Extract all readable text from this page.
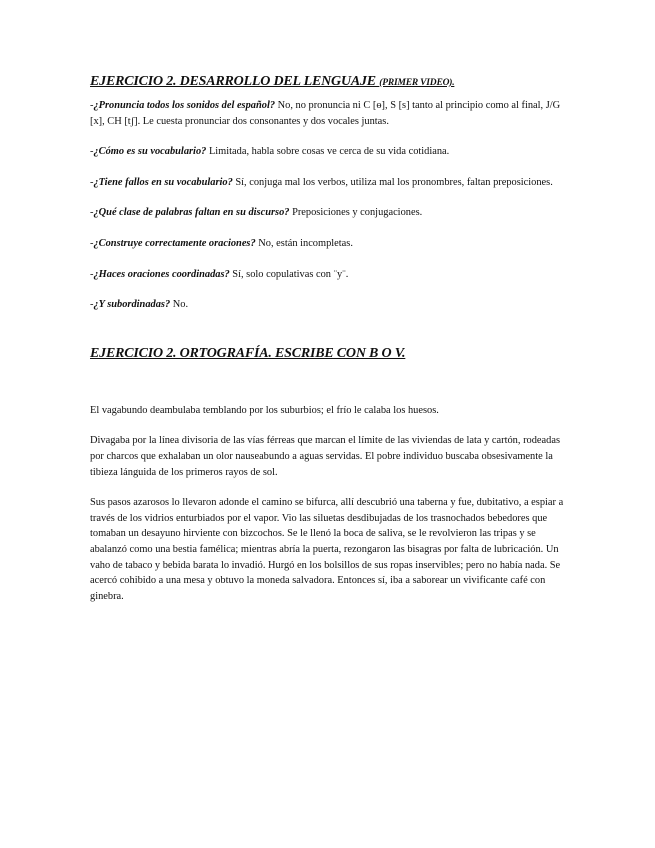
EJERCICIO 2. DESARROLLO DEL LENGUAJE (PRIMER VIDEO).

-¿Pronuncia todos los sonidos del español? No, no pronuncia ni C [ɵ], S [s] tanto al principio como al final, J/G [x], CH [tʃ]. Le cuesta pronunciar dos consonantes y dos vocales juntas.

-¿Cómo es su vocabulario? Limitada, habla sobre cosas ve cerca de su vida cotidiana.

-¿Tiene fallos en su vocabulario? Sí, conjuga mal los verbos, utiliza mal los pronombres, faltan preposiciones.

-¿Qué clase de palabras faltan en su discurso? Preposiciones y conjugaciones.

-¿Construye correctamente oraciones? No, están incompletas.

-¿Haces oraciones coordinadas? Sí, solo copulativas con ¨y¨.

-¿Y subordinadas? No.

EJERCICIO 2. ORTOGRAFÍA. ESCRIBE CON B O V.

El vagabundo deambulaba temblando por los suburbios; el frío le calaba los huesos.

Divagaba por la línea divisoria de las vías férreas que marcan el límite de las viviendas de lata y cartón, rodeadas por charcos que exhalaban un olor nauseabundo a aguas servidas. El pobre individuo buscaba obsesivamente la tibieza lánguida de los primeros rayos de sol.

Sus pasos azarosos lo llevaron adonde el camino se bifurca, allí descubrió una taberna y fue, dubitativo, a espiar a través de los vidrios enturbiados por el vapor. Vio las siluetas desdibujadas de los trasnochados bebedores que tomaban un desayuno hirviente con bizcochos. Se le llenó la boca de saliva, se le revolvieron las tripas y se abalanzó como una bestia famélica; mientras abría la puerta, rezongaron las bisagras por falta de lubricación. Un vaho de tabaco y bebida barata lo invadió. Hurgó en los bolsillos de sus ropas inservibles; pero no había nada. Se acercó cohibido a una mesa y obtuvo la moneda salvadora. Entonces sí, iba a saborear un vivificante café con ginebra.
